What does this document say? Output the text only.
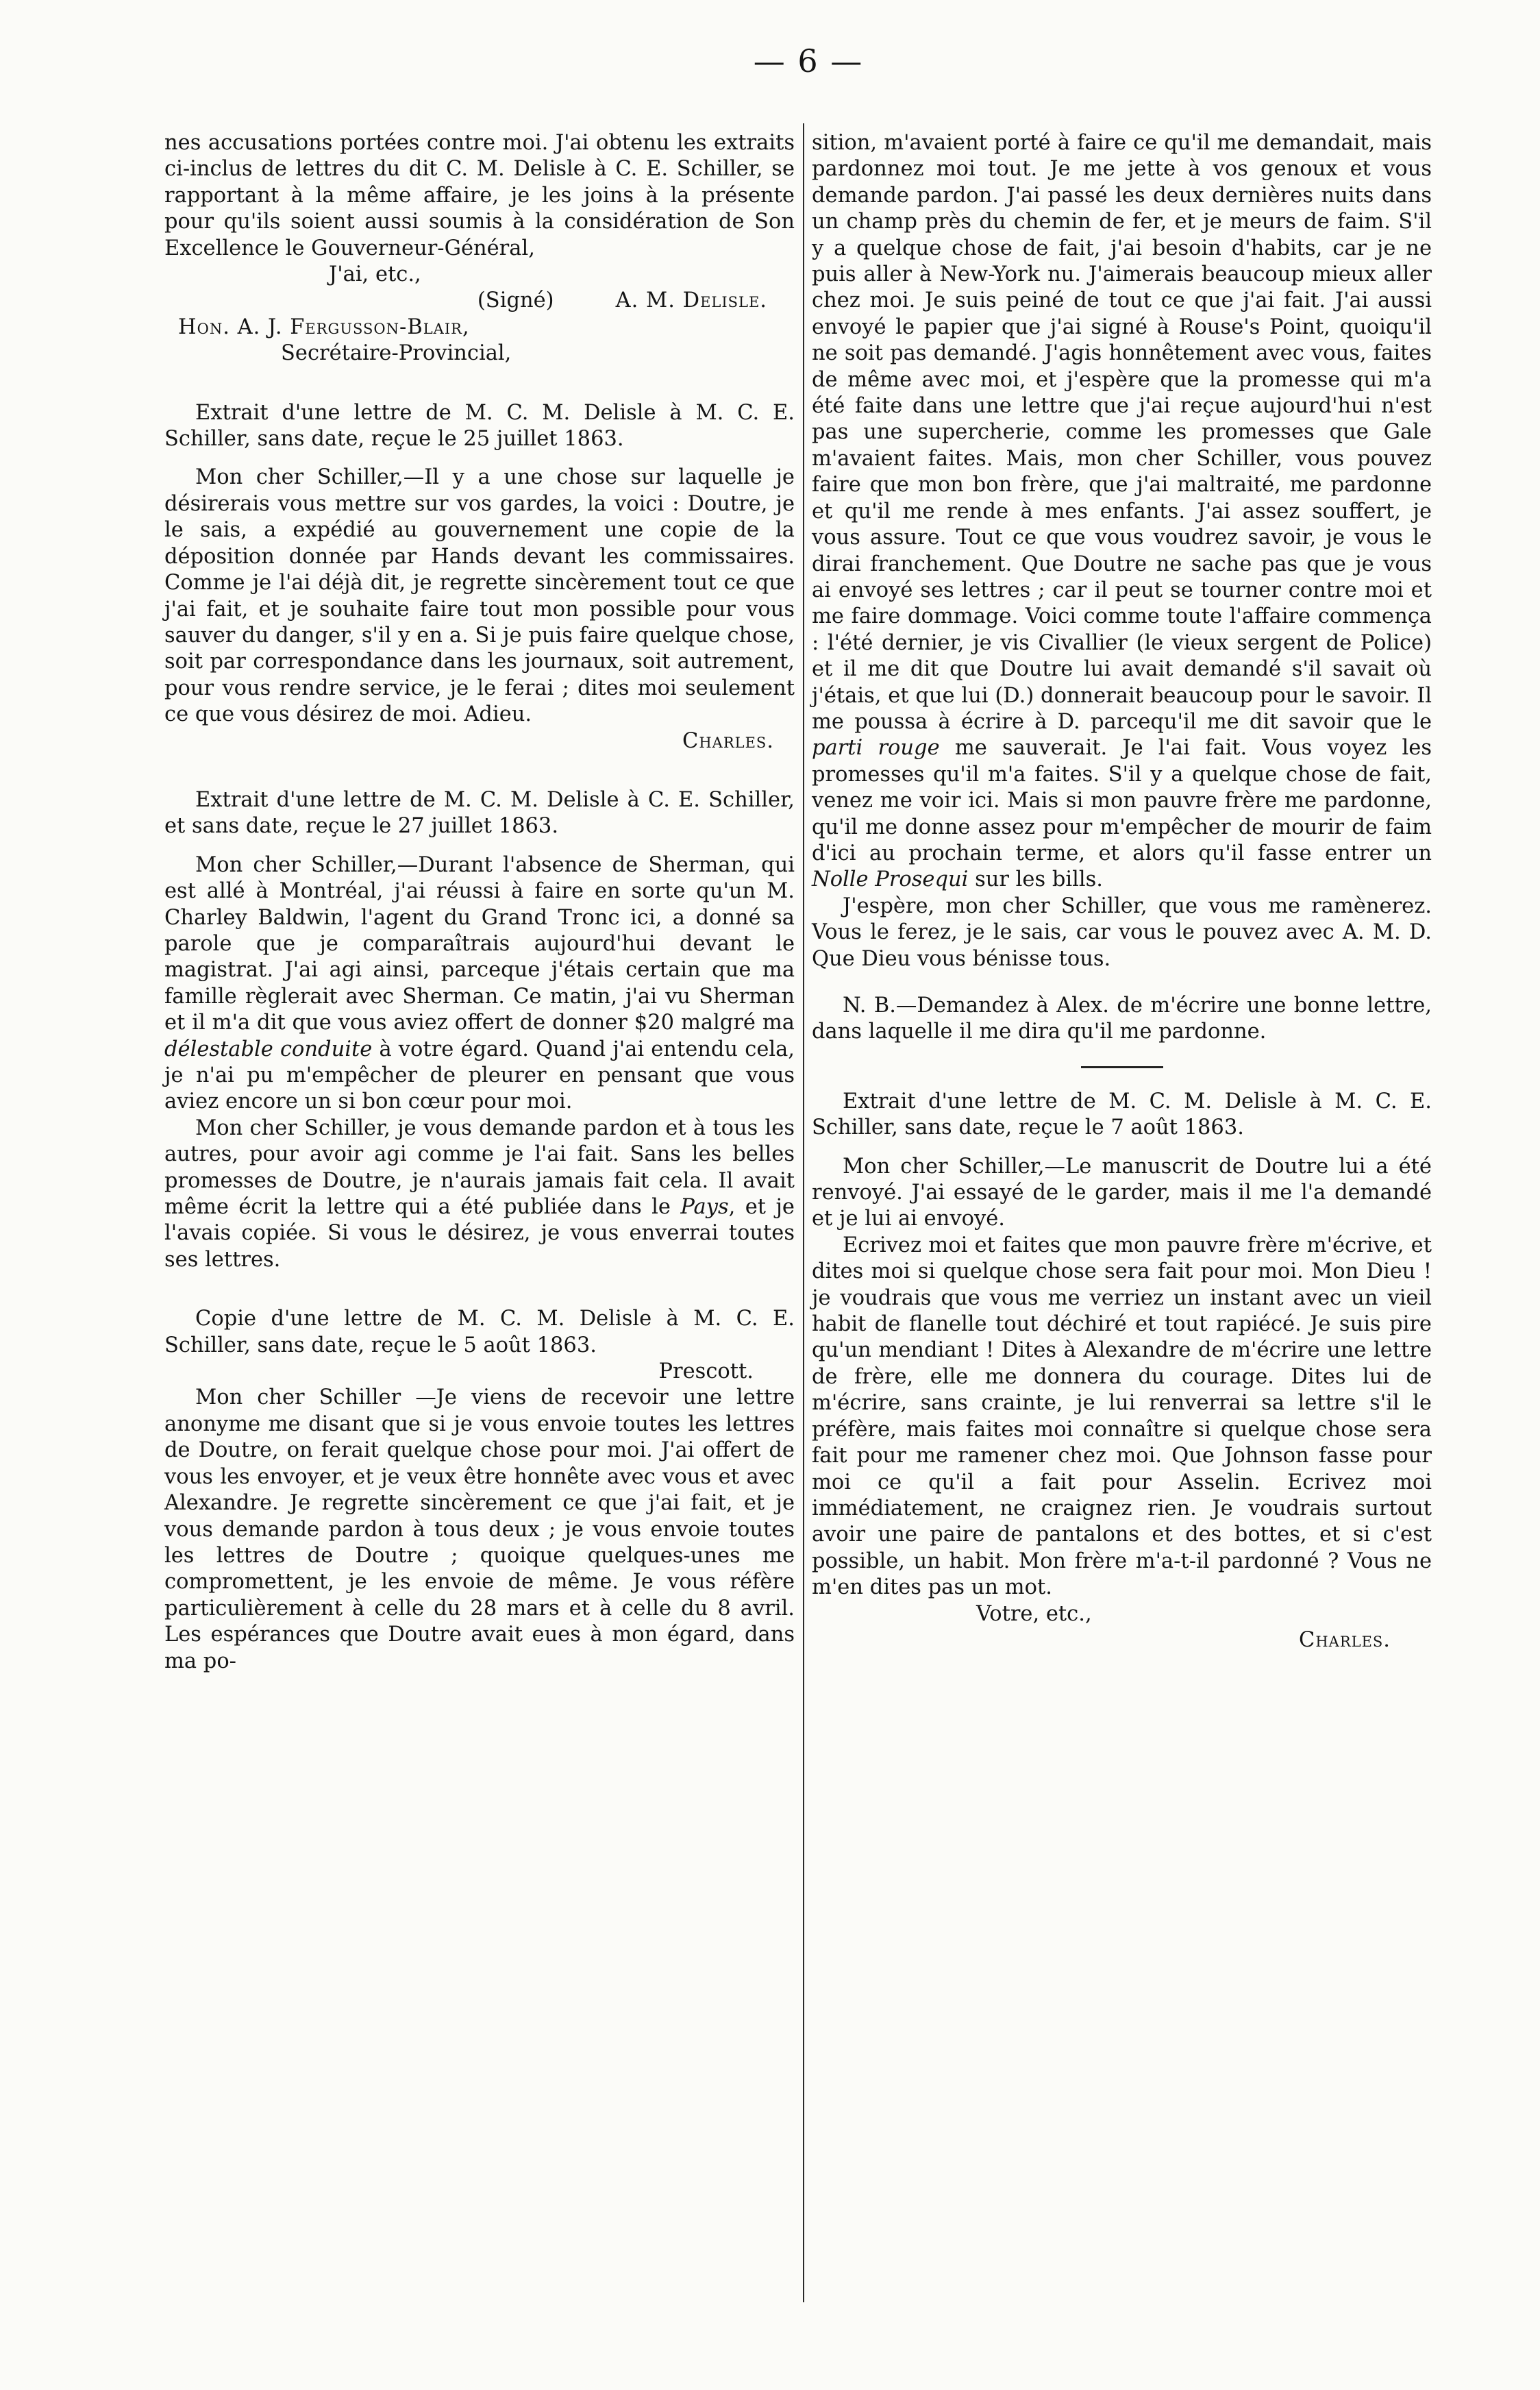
— 6 —

nes accusations portées contre moi. J'ai obtenu les extraits ci-inclus de lettres du dit C. M. Delisle à C. E. Schiller, se rapportant à la même affaire, je les joins à la présente pour qu'ils soient aussi soumis à la considération de Son Excellence le Gouverneur-Général,

J'ai, etc.,

(Signé)	A. M. Delisle.

Hon. A. J. Fergusson-Blair,

Secrétaire-Provincial,

Extrait d'une lettre de M. C. M. Delisle à M. C. E. Schiller, sans date, reçue le 25 juillet 1863.

Mon cher Schiller,—Il y a une chose sur laquelle je désirerais vous mettre sur vos gardes, la voici : Doutre, je le sais, a expédié au gouvernement une copie de la déposition donnée par Hands devant les commissaires. Comme je l'ai déjà dit, je regrette sincèrement tout ce que j'ai fait, et je souhaite faire tout mon possible pour vous sauver du danger, s'il y en a. Si je puis faire quelque chose, soit par correspondance dans les journaux, soit autrement, pour vous rendre service, je le ferai ; dites moi seulement ce que vous désirez de moi. Adieu.

Charles.

Extrait d'une lettre de M. C. M. Delisle à C. E. Schiller, et sans date, reçue le 27 juillet 1863.

Mon cher Schiller,—Durant l'absence de Sherman, qui est allé à Montréal, j'ai réussi à faire en sorte qu'un M. Charley Baldwin, l'agent du Grand Tronc ici, a donné sa parole que je comparaîtrais aujourd'hui devant le magistrat. J'ai agi ainsi, parceque j'étais certain que ma famille règlerait avec Sherman. Ce matin, j'ai vu Sherman et il m'a dit que vous aviez offert de donner $20 malgré ma délestable conduite à votre égard. Quand j'ai entendu cela, je n'ai pu m'empêcher de pleurer en pensant que vous aviez encore un si bon cœur pour moi.

Mon cher Schiller, je vous demande pardon et à tous les autres, pour avoir agi comme je l'ai fait. Sans les belles promesses de Doutre, je n'aurais jamais fait cela. Il avait même écrit la lettre qui a été publiée dans le Pays, et je l'avais copiée. Si vous le désirez, je vous enverrai toutes ses lettres.

Copie d'une lettre de M. C. M. Delisle à M. C. E. Schiller, sans date, reçue le 5 août 1863.

Prescott.

Mon cher Schiller —Je viens de recevoir une lettre anonyme me disant que si je vous envoie toutes les lettres de Doutre, on ferait quelque chose pour moi. J'ai offert de vous les envoyer, et je veux être honnête avec vous et avec Alexandre. Je regrette sincèrement ce que j'ai fait, et je vous demande pardon à tous deux ; je vous envoie toutes les lettres de Doutre ; quoique quelques-unes me compromettent, je les envoie de même. Je vous réfère particulièrement à celle du 28 mars et à celle du 8 avril. Les espérances que Doutre avait eues à mon égard, dans ma po-

sition, m'avaient porté à faire ce qu'il me demandait, mais pardonnez moi tout. Je me jette à vos genoux et vous demande pardon. J'ai passé les deux dernières nuits dans un champ près du chemin de fer, et je meurs de faim. S'il y a quelque chose de fait, j'ai besoin d'habits, car je ne puis aller à New-York nu. J'aimerais beaucoup mieux aller chez moi. Je suis peiné de tout ce que j'ai fait. J'ai aussi envoyé le papier que j'ai signé à Rouse's Point, quoiqu'il ne soit pas demandé. J'agis honnêtement avec vous, faites de même avec moi, et j'espère que la promesse qui m'a été faite dans une lettre que j'ai reçue aujourd'hui n'est pas une supercherie, comme les promesses que Gale m'avaient faites. Mais, mon cher Schiller, vous pouvez faire que mon bon frère, que j'ai maltraité, me pardonne et qu'il me rende à mes enfants. J'ai assez souffert, je vous assure. Tout ce que vous voudrez savoir, je vous le dirai franchement. Que Doutre ne sache pas que je vous ai envoyé ses lettres ; car il peut se tourner contre moi et me faire dommage. Voici comme toute l'affaire commença : l'été dernier, je vis Civallier (le vieux sergent de Police) et il me dit que Doutre lui avait demandé s'il savait où j'étais, et que lui (D.) donnerait beaucoup pour le savoir. Il me poussa à écrire à D. parcequ'il me dit savoir que le parti rouge me sauverait. Je l'ai fait. Vous voyez les promesses qu'il m'a faites. S'il y a quelque chose de fait, venez me voir ici. Mais si mon pauvre frère me pardonne, qu'il me donne assez pour m'empêcher de mourir de faim d'ici au prochain terme, et alors qu'il fasse entrer un Nolle Prosequi sur les bills.

J'espère, mon cher Schiller, que vous me ramènerez. Vous le ferez, je le sais, car vous le pouvez avec A. M. D. Que Dieu vous bénisse tous.

N. B.—Demandez à Alex. de m'écrire une bonne lettre, dans laquelle il me dira qu'il me pardonne.

Extrait d'une lettre de M. C. M. Delisle à M. C. E. Schiller, sans date, reçue le 7 août 1863.

Mon cher Schiller,—Le manuscrit de Doutre lui a été renvoyé. J'ai essayé de le garder, mais il me l'a demandé et je lui ai envoyé.

Ecrivez moi et faites que mon pauvre frère m'écrive, et dites moi si quelque chose sera fait pour moi. Mon Dieu ! je voudrais que vous me verriez un instant avec un vieil habit de flanelle tout déchiré et tout rapiécé. Je suis pire qu'un mendiant ! Dites à Alexandre de m'écrire une lettre de frère, elle me donnera du courage. Dites lui de m'écrire, sans crainte, je lui renverrai sa lettre s'il le préfère, mais faites moi connaître si quelque chose sera fait pour me ramener chez moi. Que Johnson fasse pour moi ce qu'il a fait pour Asselin. Ecrivez moi immédiatement, ne craignez rien. Je voudrais surtout avoir une paire de pantalons et des bottes, et si c'est possible, un habit. Mon frère m'a-t-il pardonné ? Vous ne m'en dites pas un mot.

Votre, etc.,

Charles.
